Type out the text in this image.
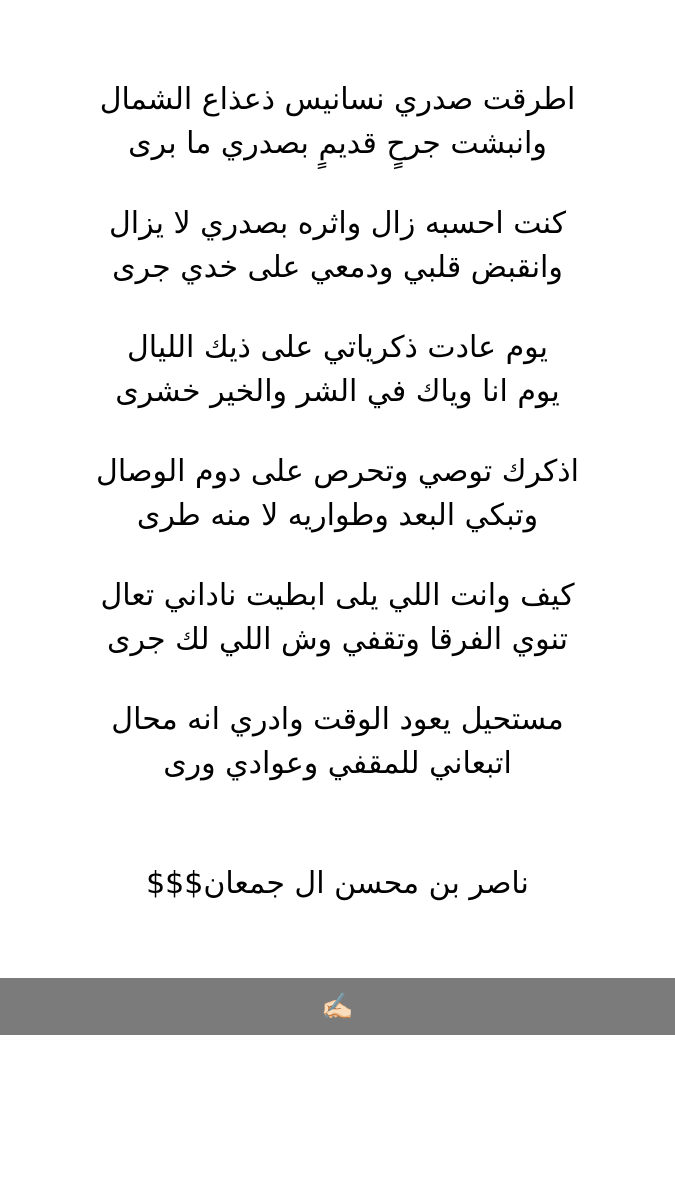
اطرقت صدري نسانيس ذعذاع الشمال
وانبشت جرحٍ قديمٍ بصدري ما برى
كنت احسبه زال واثره بصدري لا يزال
وانقبض قلبي ودمعي على خدي جرى
يوم عادت ذكرياتي على ذيك الليال
يوم انا وياك في الشر والخير خشرى
اذكرك توصي وتحرص على دوم الوصال
وتبكي البعد وطواريه لا منه طرى
كيف وانت اللي يلى ابطيت ناداني تعال
تنوي الفرقا وتقفي وش اللي لك جرى
مستحيل يعود الوقت وادري انه محال
اتبعاني للمقفي وعوادي ورى
ناصر بن محسن ال جمعان$$$
✍🏻
